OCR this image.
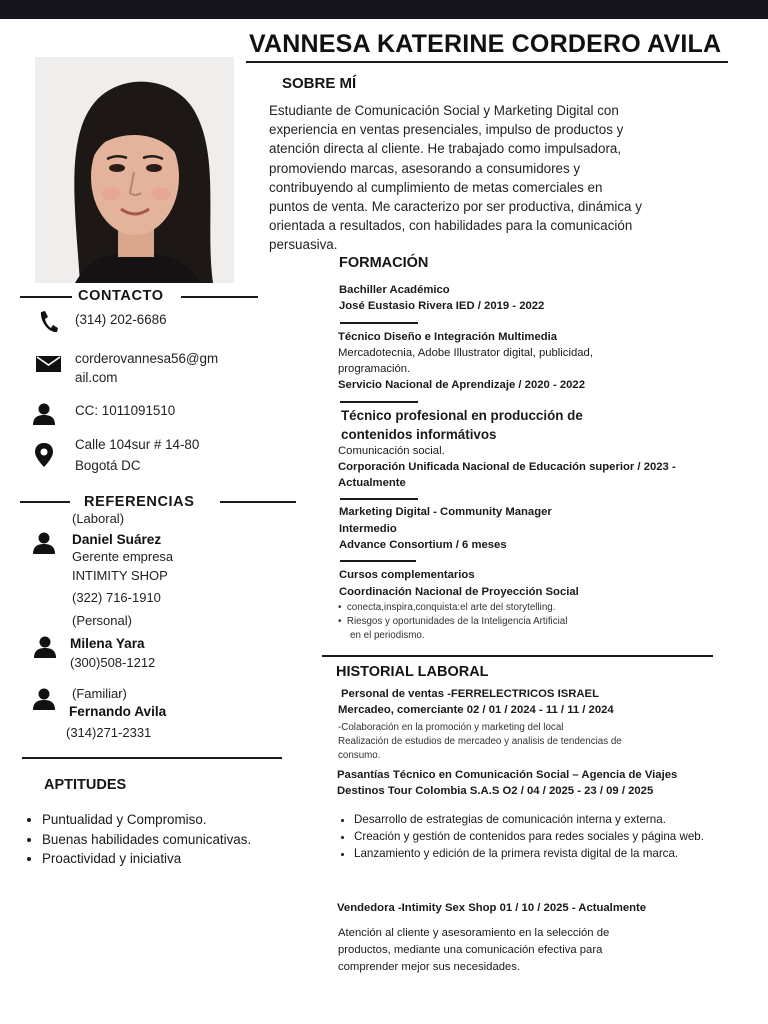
VANNESA KATERINE CORDERO AVILA
SOBRE MÍ
Estudiante de Comunicación Social y Marketing Digital con
experiencia en ventas presenciales, impulso de productos y
atención directa al cliente. He trabajado como impulsadora,
promoviendo marcas, asesorando a consumidores y
contribuyendo al cumplimiento de metas comerciales en
puntos de venta. Me caracterizo por ser productiva, dinámica y
orientada a resultados, con habilidades para la comunicación
persuasiva.
CONTACTO
(314) 202-6686
corderovannesa56@gm
ail.com
CC: 1011091510
Calle 104sur # 14-80
Bogotá DC
REFERENCIAS
(Laboral)
Daniel Suárez
Gerente empresa
INTIMITY SHOP
(322) 716-1910
(Personal)
Milena Yara
(300)508-1212
(Familiar)
Fernando Avila
(314)271-2331
APTITUDES
• Puntualidad y Compromiso.
• Buenas habilidades comunicativas.
• Proactividad y iniciativa
FORMACIÓN
Bachiller Académico
José Eustasio Rivera IED / 2019 - 2022
Técnico Diseño e Integración Multimedia
Mercadotecnia, Adobe Illustrator digital, publicidad,
programación.
Servicio Nacional de Aprendizaje / 2020 - 2022
Técnico profesional en producción de
contenidos informátivos
Comunicación social.
Corporación Unificada Nacional de Educación superior / 2023 -
Actualmente
Marketing Digital - Community Manager
Intermedio
Advance Consortium / 6 meses
Cursos complementarios
Coordinación Nacional de Proyección Social
•  conecta,inspira,conquista:el arte del storytelling.
•  Riesgos y oportunidades de la Inteligencia Artificial
en el periodismo.
HISTORIAL LABORAL
Personal de ventas -FERRELECTRICOS ISRAEL
Mercadeo, comerciante 02 / 01 / 2024 - 11 / 11 / 2024
-Colaboración en la promoción y marketing del local
Realización de estudios de mercadeo y analisis de tendencias de
consumo.
Pasantías Técnico en Comunicación Social – Agencia de Viajes
Destinos Tour Colombia S.A.S O2 / 04 / 2025 - 23 / 09 / 2025
• Desarrollo de estrategias de comunicación interna y externa.
• Creación y gestión de contenidos para redes sociales y página web.
• Lanzamiento y edición de la primera revista digital de la marca.
Vendedora -Intimity Sex Shop 01 / 10 / 2025 - Actualmente
Atención al cliente y asesoramiento en la selección de
productos, mediante una comunicación efectiva para
comprender mejor sus necesidades.
